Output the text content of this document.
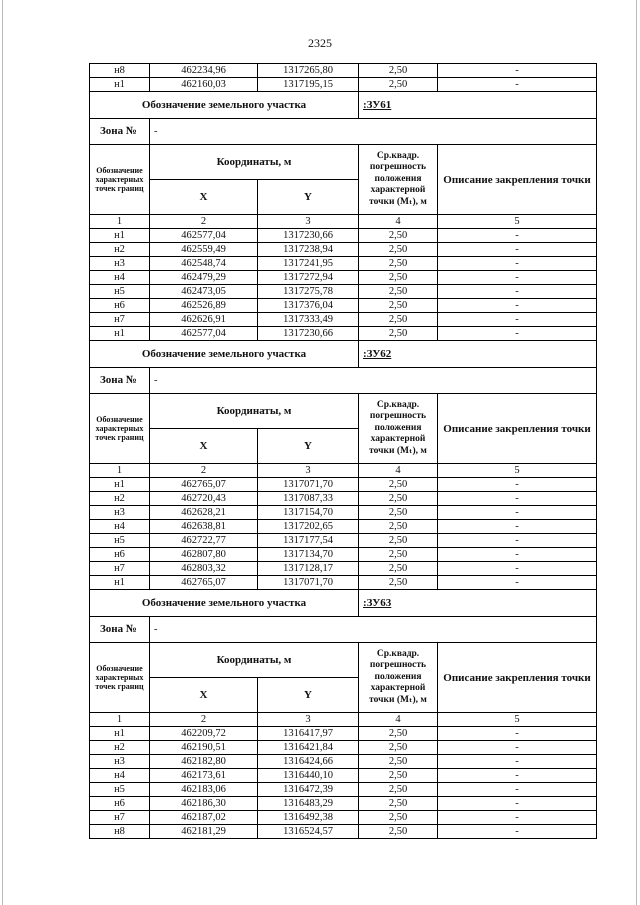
2325
н8	462234,96	1317265,80	2,50	-
н1	462160,03	1317195,15	2,50	-
Обозначение земельного участка			:ЗУ61	
Зона №	-			
Обозначение характерных точек границ	Координаты, м		Ср.квадр. погрешность положения характерной точки (Mₜ), м	Описание закрепления точки
	X	Y		
1	2	3	4	5
н1	462577,04	1317230,66	2,50	-
н2	462559,49	1317238,94	2,50	-
н3	462548,74	1317241,95	2,50	-
н4	462479,29	1317272,94	2,50	-
н5	462473,05	1317275,78	2,50	-
н6	462526,89	1317376,04	2,50	-
н7	462626,91	1317333,49	2,50	-
н1	462577,04	1317230,66	2,50	-
Обозначение земельного участка			:ЗУ62	
Зона №	-			
Обозначение характерных точек границ	Координаты, м		Ср.квадр. погрешность положения характерной точки (Mₜ), м	Описание закрепления точки
	X	Y		
1	2	3	4	5
н1	462765,07	1317071,70	2,50	-
н2	462720,43	1317087,33	2,50	-
н3	462628,21	1317154,70	2,50	-
н4	462638,81	1317202,65	2,50	-
н5	462722,77	1317177,54	2,50	-
н6	462807,80	1317134,70	2,50	-
н7	462803,32	1317128,17	2,50	-
н1	462765,07	1317071,70	2,50	-
Обозначение земельного участка			:ЗУ63	
Зона №	-			
Обозначение характерных точек границ	Координаты, м		Ср.квадр. погрешность положения характерной точки (Mₜ), м	Описание закрепления точки
	X	Y		
1	2	3	4	5
н1	462209,72	1316417,97	2,50	-
н2	462190,51	1316421,84	2,50	-
н3	462182,80	1316424,66	2,50	-
н4	462173,61	1316440,10	2,50	-
н5	462183,06	1316472,39	2,50	-
н6	462186,30	1316483,29	2,50	-
н7	462187,02	1316492,38	2,50	-
н8	462181,29	1316524,57	2,50	-
